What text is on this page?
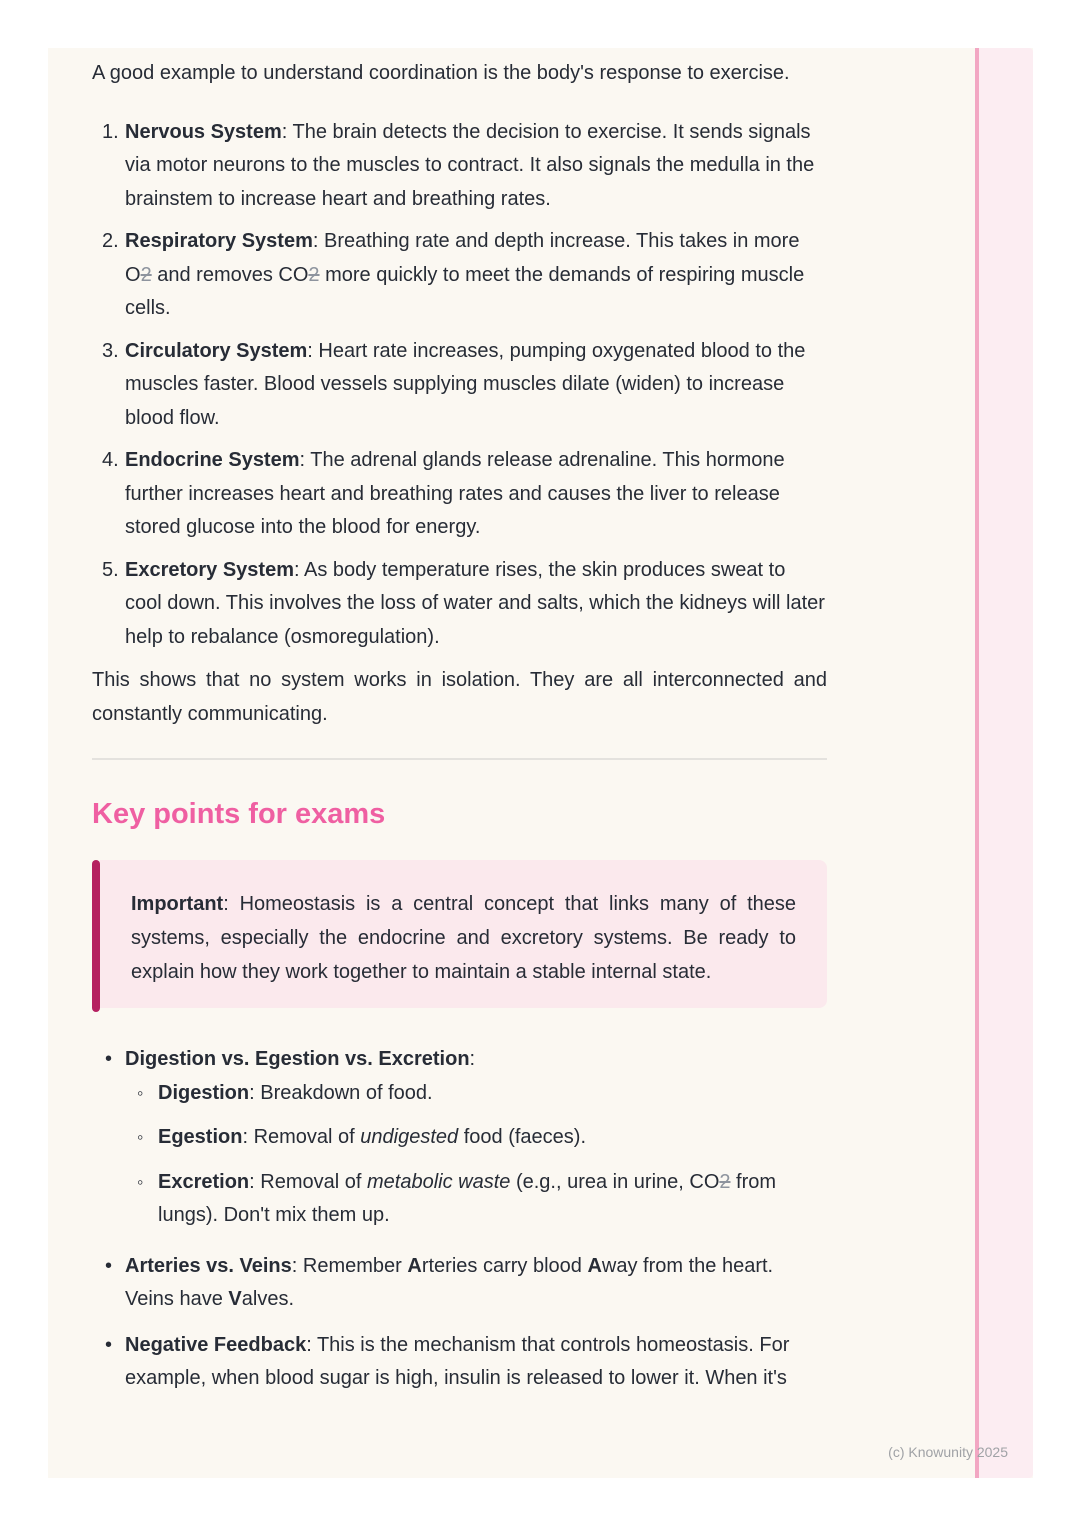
A good example to understand coordination is the body's response to exercise.

1. Nervous System: The brain detects the decision to exercise. It sends signals via motor neurons to the muscles to contract. It also signals the medulla in the brainstem to increase heart and breathing rates.
2. Respiratory System: Breathing rate and depth increase. This takes in more O2 and removes CO2 more quickly to meet the demands of respiring muscle cells.
3. Circulatory System: Heart rate increases, pumping oxygenated blood to the muscles faster. Blood vessels supplying muscles dilate (widen) to increase blood flow.
4. Endocrine System: The adrenal glands release adrenaline. This hormone further increases heart and breathing rates and causes the liver to release stored glucose into the blood for energy.
5. Excretory System: As body temperature rises, the skin produces sweat to cool down. This involves the loss of water and salts, which the kidneys will later help to rebalance (osmoregulation).

This shows that no system works in isolation. They are all interconnected and constantly communicating.

Key points for exams
Important: Homeostasis is a central concept that links many of these systems, especially the endocrine and excretory systems. Be ready to explain how they work together to maintain a stable internal state.
• Digestion vs. Egestion vs. Excretion:
◦ Digestion: Breakdown of food.
◦ Egestion: Removal of undigested food (faeces).
◦ Excretion: Removal of metabolic waste (e.g., urea in urine, CO2 from lungs). Don't mix them up.
• Arteries vs. Veins: Remember Arteries carry blood Away from the heart. Veins have Valves.
• Negative Feedback: This is the mechanism that controls homeostasis. For example, when blood sugar is high, insulin is released to lower it. When it's
(c) Knowunity 2025
